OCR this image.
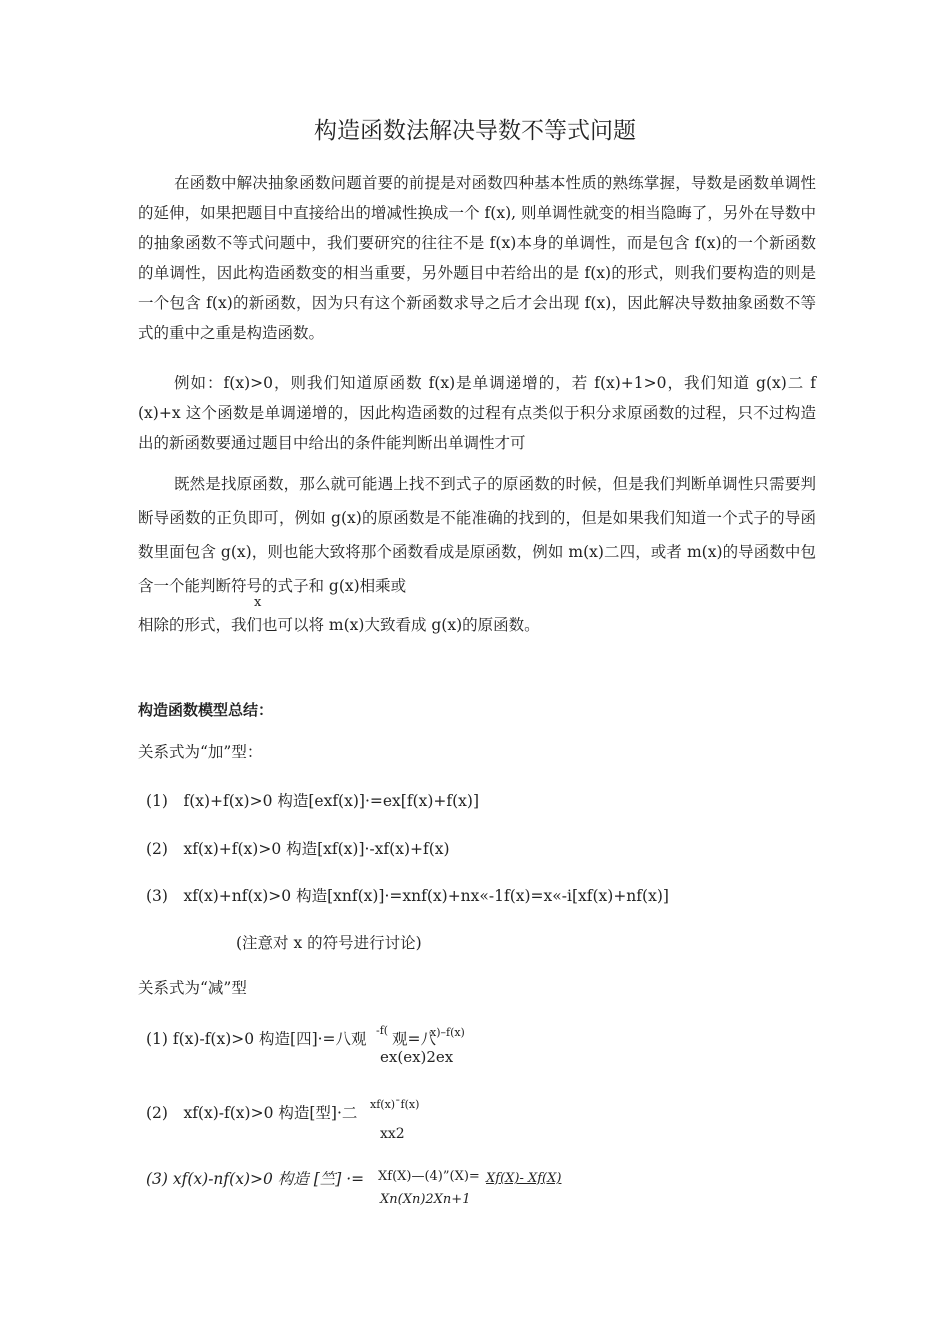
构造函数法解决导数不等式问题

在函数中解决抽象函数问题首要的前提是对函数四种基本性质的熟练掌握，导数是函数单调性的延伸，如果把题目中直接给出的增减性换成一个 f(x), 则单调性就变的相当隐晦了，另外在导数中的抽象函数不等式问题中，我们要研究的往往不是 f(x)本身的单调性，而是包含 f(x)的一个新函数的单调性，因此构造函数变的相当重要，另外题目中若给出的是 f(x)的形式，则我们要构造的则是一个包含 f(x)的新函数，因为只有这个新函数求导之后才会出现 f(x)，因此解决导数抽象函数不等式的重中之重是构造函数。

例如：f(x)>0，则我们知道原函数 f(x)是单调递增的，若 f(x)+1>0，我们知道 g(x)二 f (x)+x 这个函数是单调递增的，因此构造函数的过程有点类似于积分求原函数的过程，只不过构造出的新函数要通过题目中给出的条件能判断出单调性才可

既然是找原函数，那么就可能遇上找不到式子的原函数的时候，但是我们判断单调性只需要判断导函数的正负即可，例如 g(x)的原函数是不能准确的找到的，但是如果我们知道一个式子的导函数里面包含 g(x)，则也能大致将那个函数看成是原函数，例如 m(x)二四，或者 m(x)的导函数中包含一个能判断符号的式子和 g(x)相乘或

x
相除的形式，我们也可以将 m(x)大致看成 g(x)的原函数。
构造函数模型总结：
关系式为“加”型：
(1)　f(x)+f(x)>0 构造[exf(x)]·=ex[f(x)+f(x)]
(2)　xf(x)+f(x)>0 构造[xf(x)]·-xf(x)+f(x)
(3)　xf(x)+nf(x)>0 构造[xnf(x)]·=xnf(x)+nx«-1f(x)=x«-i[xf(x)+nf(x)]
(注意对 x 的符号进行讨论)
关系式为“减”型
(1) f(x)-f(x)>0 构造[四]·=八观 -f( 观=八
x)–f(x)
ex(ex)2ex
(2)　xf(x)-f(x)>0 构造[型]·二 xf(x)ˉf(x)
xx2
(3) xf(x)-nf(x)>0 构造 [竺] ·= Xf(X)—(4)”(X)= Xf(X)- Xf(X)
Xn(Xn)2Xn+1
